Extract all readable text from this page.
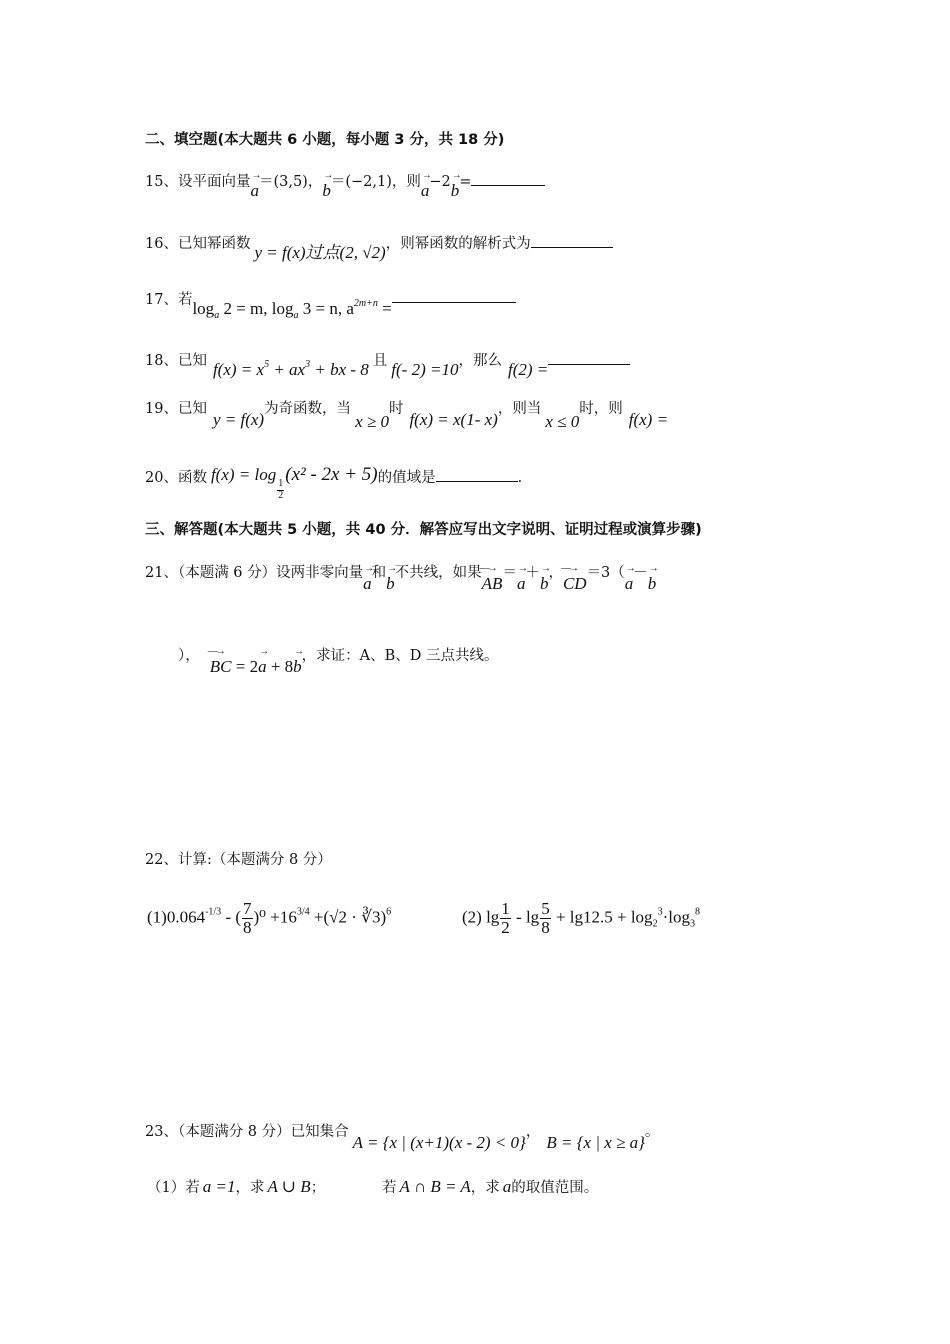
二、填空题(本大题共 6 小题，每小题 3 分，共 18 分)
15、设平面向量→ a＝(3,5)，→ b＝(−2,1)，则→ a−2→ b=
16、已知幂函数 y = f(x)过点(2, √2)，则幂函数的解析式为
17、若$\log_a 2 = m$, $\log_a 3 = n$, $a^{2m+n}$ =
18、已知 $f(x) = x^5 + ax^3$ + bx - 8 且 f(- 2) =10，那么 f(2) =
19、已知y = f(x)为奇函数，当x ≥ 0时f(x) = x(1- x)，则当x ≤ 0时，则f(x) =
20、函数 f(x) = log
$\frac{1}{2}$
(x² - 2x + 5)的值域是	.
三、解答题(本大题共 5 小题，共 40 分．解答应写出文字说明、证明过程或演算步骤)
21、（本题满 6 分）设两非零向量→ a和→ b不共线，如果—→ AB＝→ a＋→ b，—→ CD＝3（→ a－→ b
），—→ BC = 2→ a + 8→ b，求证：A、B、D 三点共线。
22、计算:（本题满分 8 分）
$(1)0.064^{-1/3}$ - ( $\frac{7}{8} )^0 +16^{3/4} +(√2$ · ∛3)$^6$	(2) $\lg \frac{1}{2} - \lg \frac{5}{8} + \lg 12.5 + \log_2^3\cdot\log_3^8$
23、（本题满分 8 分）已知集合A = {x | (x+1)(x - 2) < 0}，B = {x | x ≥ a}。
（1）若 a =1，求 A ∪ B；	若 A ∩ B = A，求 a的取值范围。
